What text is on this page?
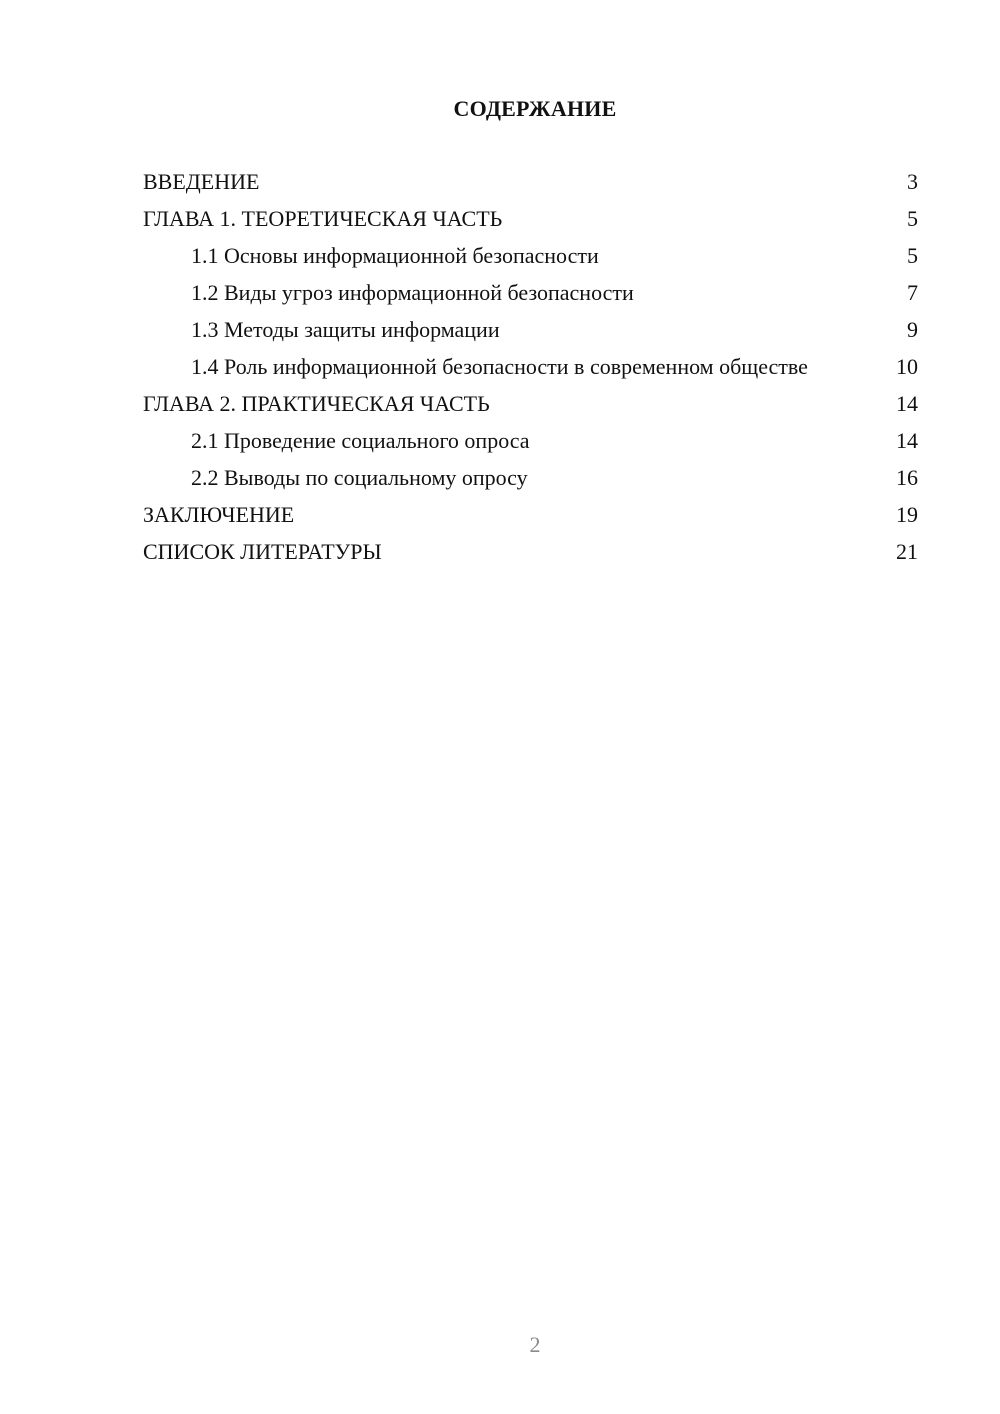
СОДЕРЖАНИЕ
ВВЕДЕНИЕ	3
ГЛАВА 1. ТЕОРЕТИЧЕСКАЯ ЧАСТЬ	5
1.1 Основы информационной безопасности	5
1.2 Виды угроз информационной безопасности	7
1.3 Методы защиты информации	9
1.4 Роль информационной безопасности в современном обществе	10
ГЛАВА 2. ПРАКТИЧЕСКАЯ ЧАСТЬ	14
2.1 Проведение социального опроса	14
2.2 Выводы по социальному опросу	16
ЗАКЛЮЧЕНИЕ	19
СПИСОК ЛИТЕРАТУРЫ	21
2
